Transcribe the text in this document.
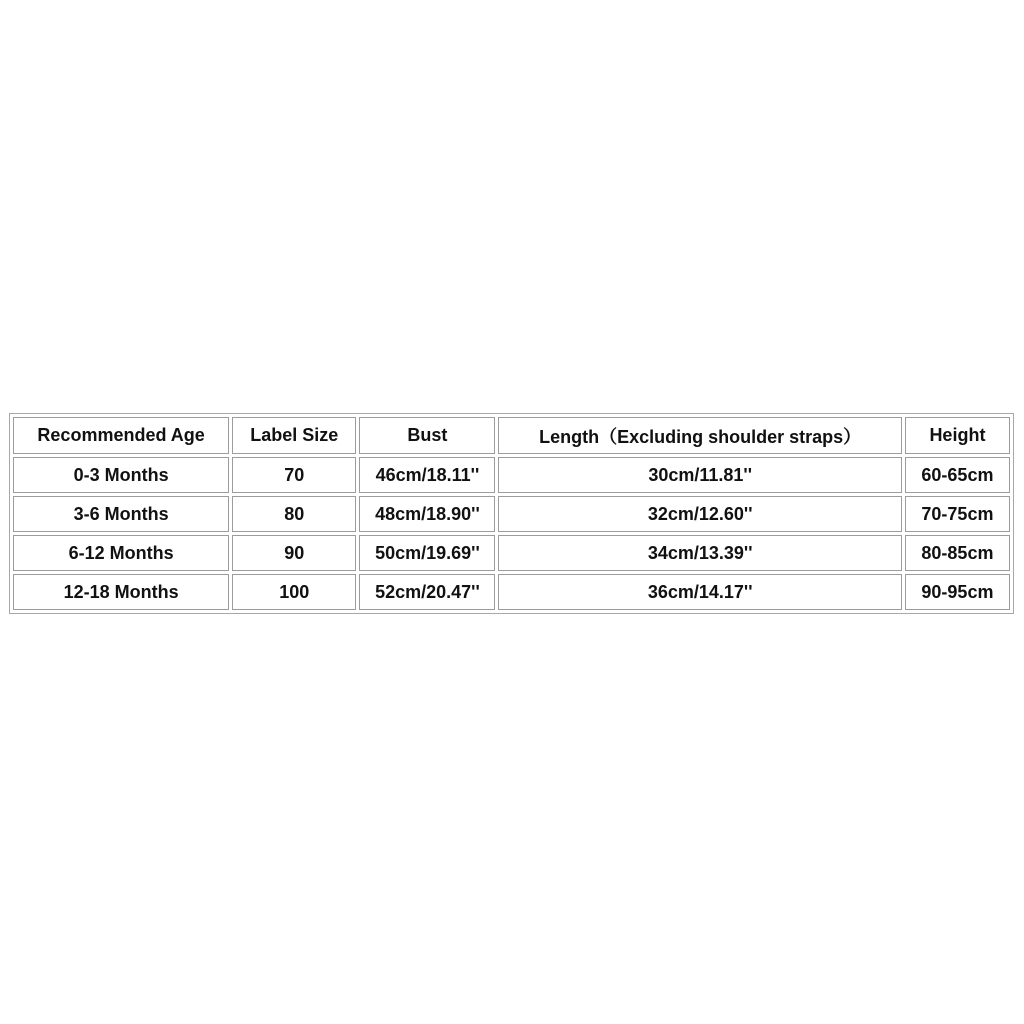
Recommended Age	Label Size	Bust	Length（Excluding shoulder straps）	Height
0-3 Months	70	46cm/18.11''	30cm/11.81''	60-65cm
3-6 Months	80	48cm/18.90''	32cm/12.60''	70-75cm
6-12 Months	90	50cm/19.69''	34cm/13.39''	80-85cm
12-18 Months	100	52cm/20.47''	36cm/14.17''	90-95cm
